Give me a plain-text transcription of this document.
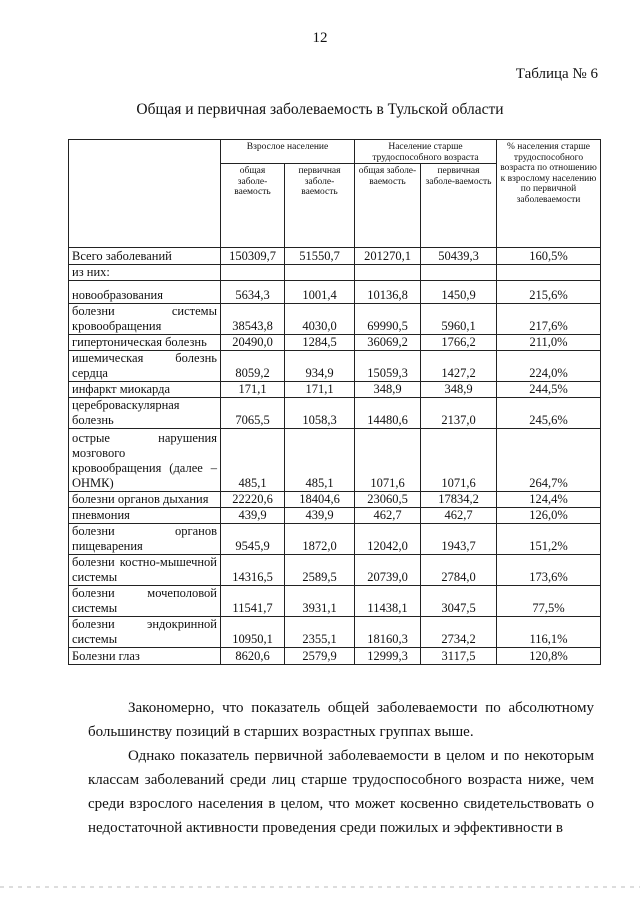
12
Таблица № 6
Общая и первичная заболеваемость в Тульской области
	Взрослое население		Население старше трудоспособного возраста		% населения старше трудоспособного возраста по отношению к взрослому населению по первичной заболеваемости
	общая заболе-ваемость	первичная заболе-ваемость	общая заболе-ваемость	первичная заболе-ваемость	
Всего заболеваний	150309,7	51550,7	201270,1	50439,3	160,5%
из них:					
новообразования	5634,3	1001,4	10136,8	1450,9	215,6%
болезни системы кровообращения	38543,8	4030,0	69990,5	5960,1	217,6%
гипертоническая болезнь	20490,0	1284,5	36069,2	1766,2	211,0%
ишемическая болезнь сердца	8059,2	934,9	15059,3	1427,2	224,0%
инфаркт миокарда	171,1	171,1	348,9	348,9	244,5%
цереброваскулярная болезнь	7065,5	1058,3	14480,6	2137,0	245,6%
острые нарушения мозгового кровообращения (далее – ОНМК)	485,1	485,1	1071,6	1071,6	264,7%
болезни органов дыхания	22220,6	18404,6	23060,5	17834,2	124,4%
пневмония	439,9	439,9	462,7	462,7	126,0%
болезни органов пищеварения	9545,9	1872,0	12042,0	1943,7	151,2%
болезни костно-мышечной системы	14316,5	2589,5	20739,0	2784,0	173,6%
болезни мочеполовой системы	11541,7	3931,1	11438,1	3047,5	77,5%
болезни эндокринной системы	10950,1	2355,1	18160,3	2734,2	116,1%
Болезни глаз	8620,6	2579,9	12999,3	3117,5	120,8%
Закономерно, что показатель общей заболеваемости по абсолютному большинству позиций в старших возрастных группах выше.
Однако показатель первичной заболеваемости в целом и по некоторым классам заболеваний среди лиц старше трудоспособного возраста ниже, чем среди взрослого населения в целом, что может косвенно свидетельствовать о недостаточной активности проведения среди пожилых и эффективности в
